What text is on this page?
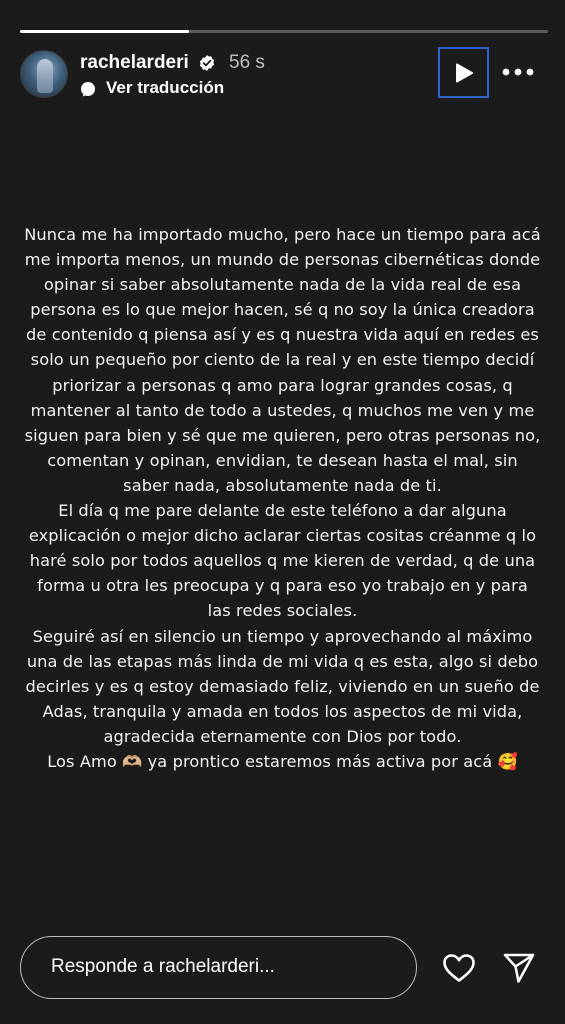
rachelarderi 56 s
Ver traducción

Nunca me ha importado mucho, pero hace un tiempo para acá me importa menos, un mundo de personas cibernéticas donde opinar si saber absolutamente nada de la vida real de esa persona es lo que mejor hacen, sé q no soy la única creadora de contenido q piensa así y es q nuestra vida aquí en redes es solo un pequeño por ciento de la real y en este tiempo decidí priorizar a personas q amo para lograr grandes cosas, q mantener al tanto de todo a ustedes, q muchos me ven y me siguen para bien y sé que me quieren, pero otras personas no, comentan y opinan, envidian, te desean hasta el mal, sin saber nada, absolutamente nada de ti.

El día q me pare delante de este teléfono a dar alguna explicación o mejor dicho aclarar ciertas cositas créanme q lo haré solo por todos aquellos q me kieren de verdad, q de una forma u otra les preocupa y q para eso yo trabajo en y para las redes sociales.

Seguiré así en silencio un tiempo y aprovechando al máximo una de las etapas más linda de mi vida q es esta, algo si debo decirles y es q estoy demasiado feliz, viviendo en un sueño de Adas, tranquila y amada en todos los aspectos de mi vida, agradecida eternamente con Dios por todo.

Los Amo 🫶🏼 ya prontico estaremos más activa por acá 🥰

Responde a rachelarderi...
